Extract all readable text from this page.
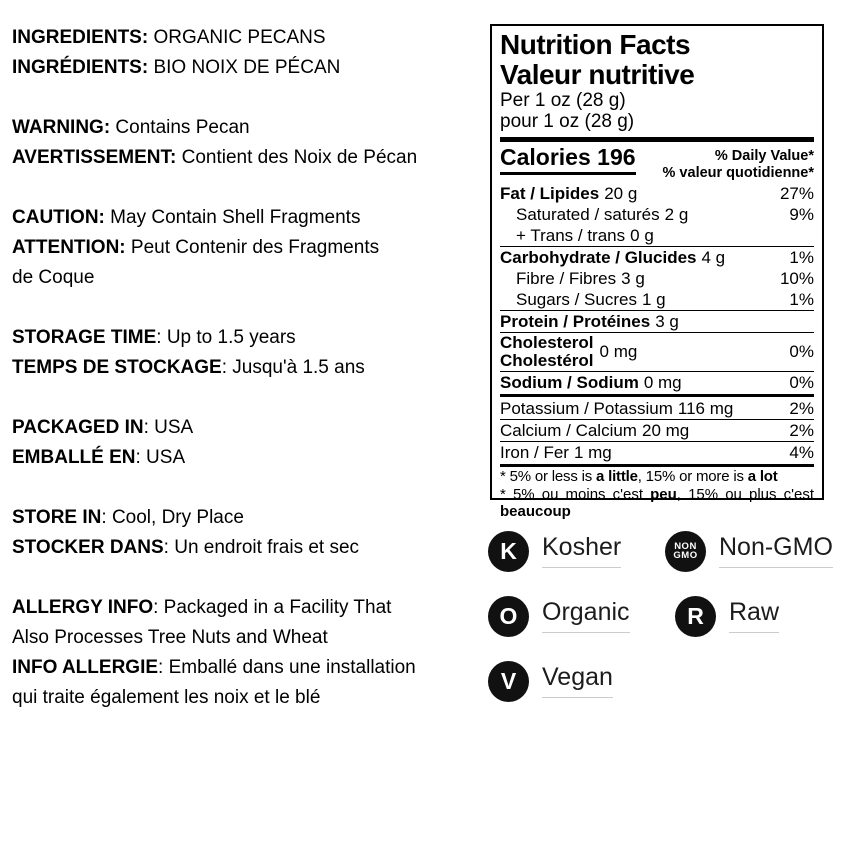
INGREDIENTS: ORGANIC PECANS

INGRÉDIENTS: BIO NOIX DE PÉCAN

WARNING: Contains Pecan

AVERTISSEMENT: Contient des Noix de Pécan

CAUTION: May Contain Shell Fragments

ATTENTION: Peut Contenir des Fragments

de Coque

STORAGE TIME: Up to 1.5 years

TEMPS DE STOCKAGE: Jusqu'à 1.5 ans

PACKAGED IN: USA

EMBALLÉ EN: USA

STORE IN: Cool, Dry Place

STOCKER DANS: Un endroit frais et sec

ALLERGY INFO: Packaged in a Facility That

Also Processes Tree Nuts and Wheat

INFO ALLERGIE: Emballé dans une installation

qui traite également les noix et le blé

Nutrition Facts
Valeur nutritive
Per 1 oz (28 g)
pour 1 oz (28 g)
Calories 196	% Daily Value*
% valeur quotidienne*
Fat / Lipides 20 g	27%
Saturated / saturés 2 g	9%
+ Trans / trans 0 g
Carbohydrate / Glucides 4 g	1%
Fibre / Fibres 3 g	10%
Sugars / Sucres 1 g	1%
Protein / Protéines 3 g
Cholesterol
Cholestérol 0 mg	0%
Sodium / Sodium 0 mg	0%
Potassium / Potassium 116 mg	2%
Calcium / Calcium 20 mg	2%
Iron / Fer 1 mg	4%

* 5% or less is a little, 15% or more is a lot

* 5% ou moins c'est peu, 15% ou plus c'est beaucoup

K Kosher	NON
GMO Non-GMO
O Organic	R Raw
V Vegan
